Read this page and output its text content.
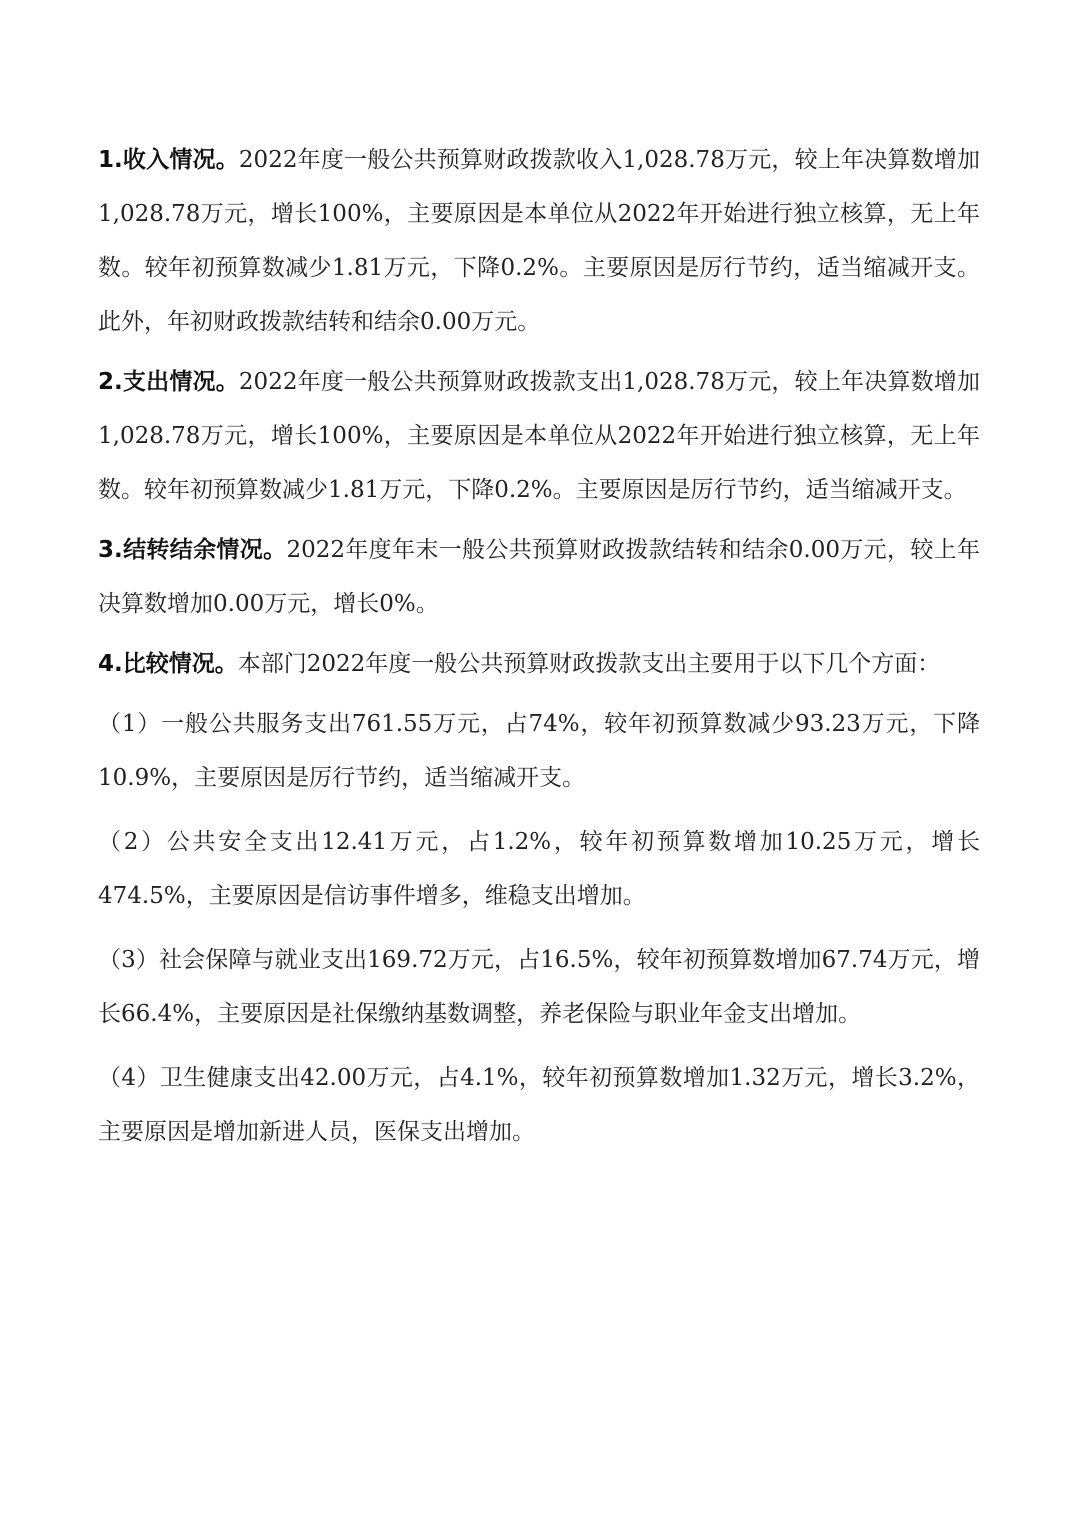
1.收入情况。2022年度一般公共预算财政拨款收入1,028.78万元，较上年决算数增加1,028.78万元，增长100%，主要原因是本单位从2022年开始进行独立核算，无上年数。较年初预算数减少1.81万元，下降0.2%。主要原因是厉行节约，适当缩减开支。此外，年初财政拨款结转和结余0.00万元。

2.支出情况。2022年度一般公共预算财政拨款支出1,028.78万元，较上年决算数增加1,028.78万元，增长100%，主要原因是本单位从2022年开始进行独立核算，无上年数。较年初预算数减少1.81万元，下降0.2%。主要原因是厉行节约，适当缩减开支。

3.结转结余情况。2022年度年末一般公共预算财政拨款结转和结余0.00万元，较上年决算数增加0.00万元，增长0%。

4.比较情况。本部门2022年度一般公共预算财政拨款支出主要用于以下几个方面：

（1）一般公共服务支出761.55万元，占74%，较年初预算数减少93.23万元，下降10.9%，主要原因是厉行节约，适当缩减开支。

（2）公共安全支出12.41万元，占1.2%，较年初预算数增加10.25万元，增长474.5%，主要原因是信访事件增多，维稳支出增加。

（3）社会保障与就业支出169.72万元，占16.5%，较年初预算数增加67.74万元，增长66.4%，主要原因是社保缴纳基数调整，养老保险与职业年金支出增加。

（4）卫生健康支出42.00万元，占4.1%，较年初预算数增加1.32万元，增长3.2%，主要原因是增加新进人员，医保支出增加。
